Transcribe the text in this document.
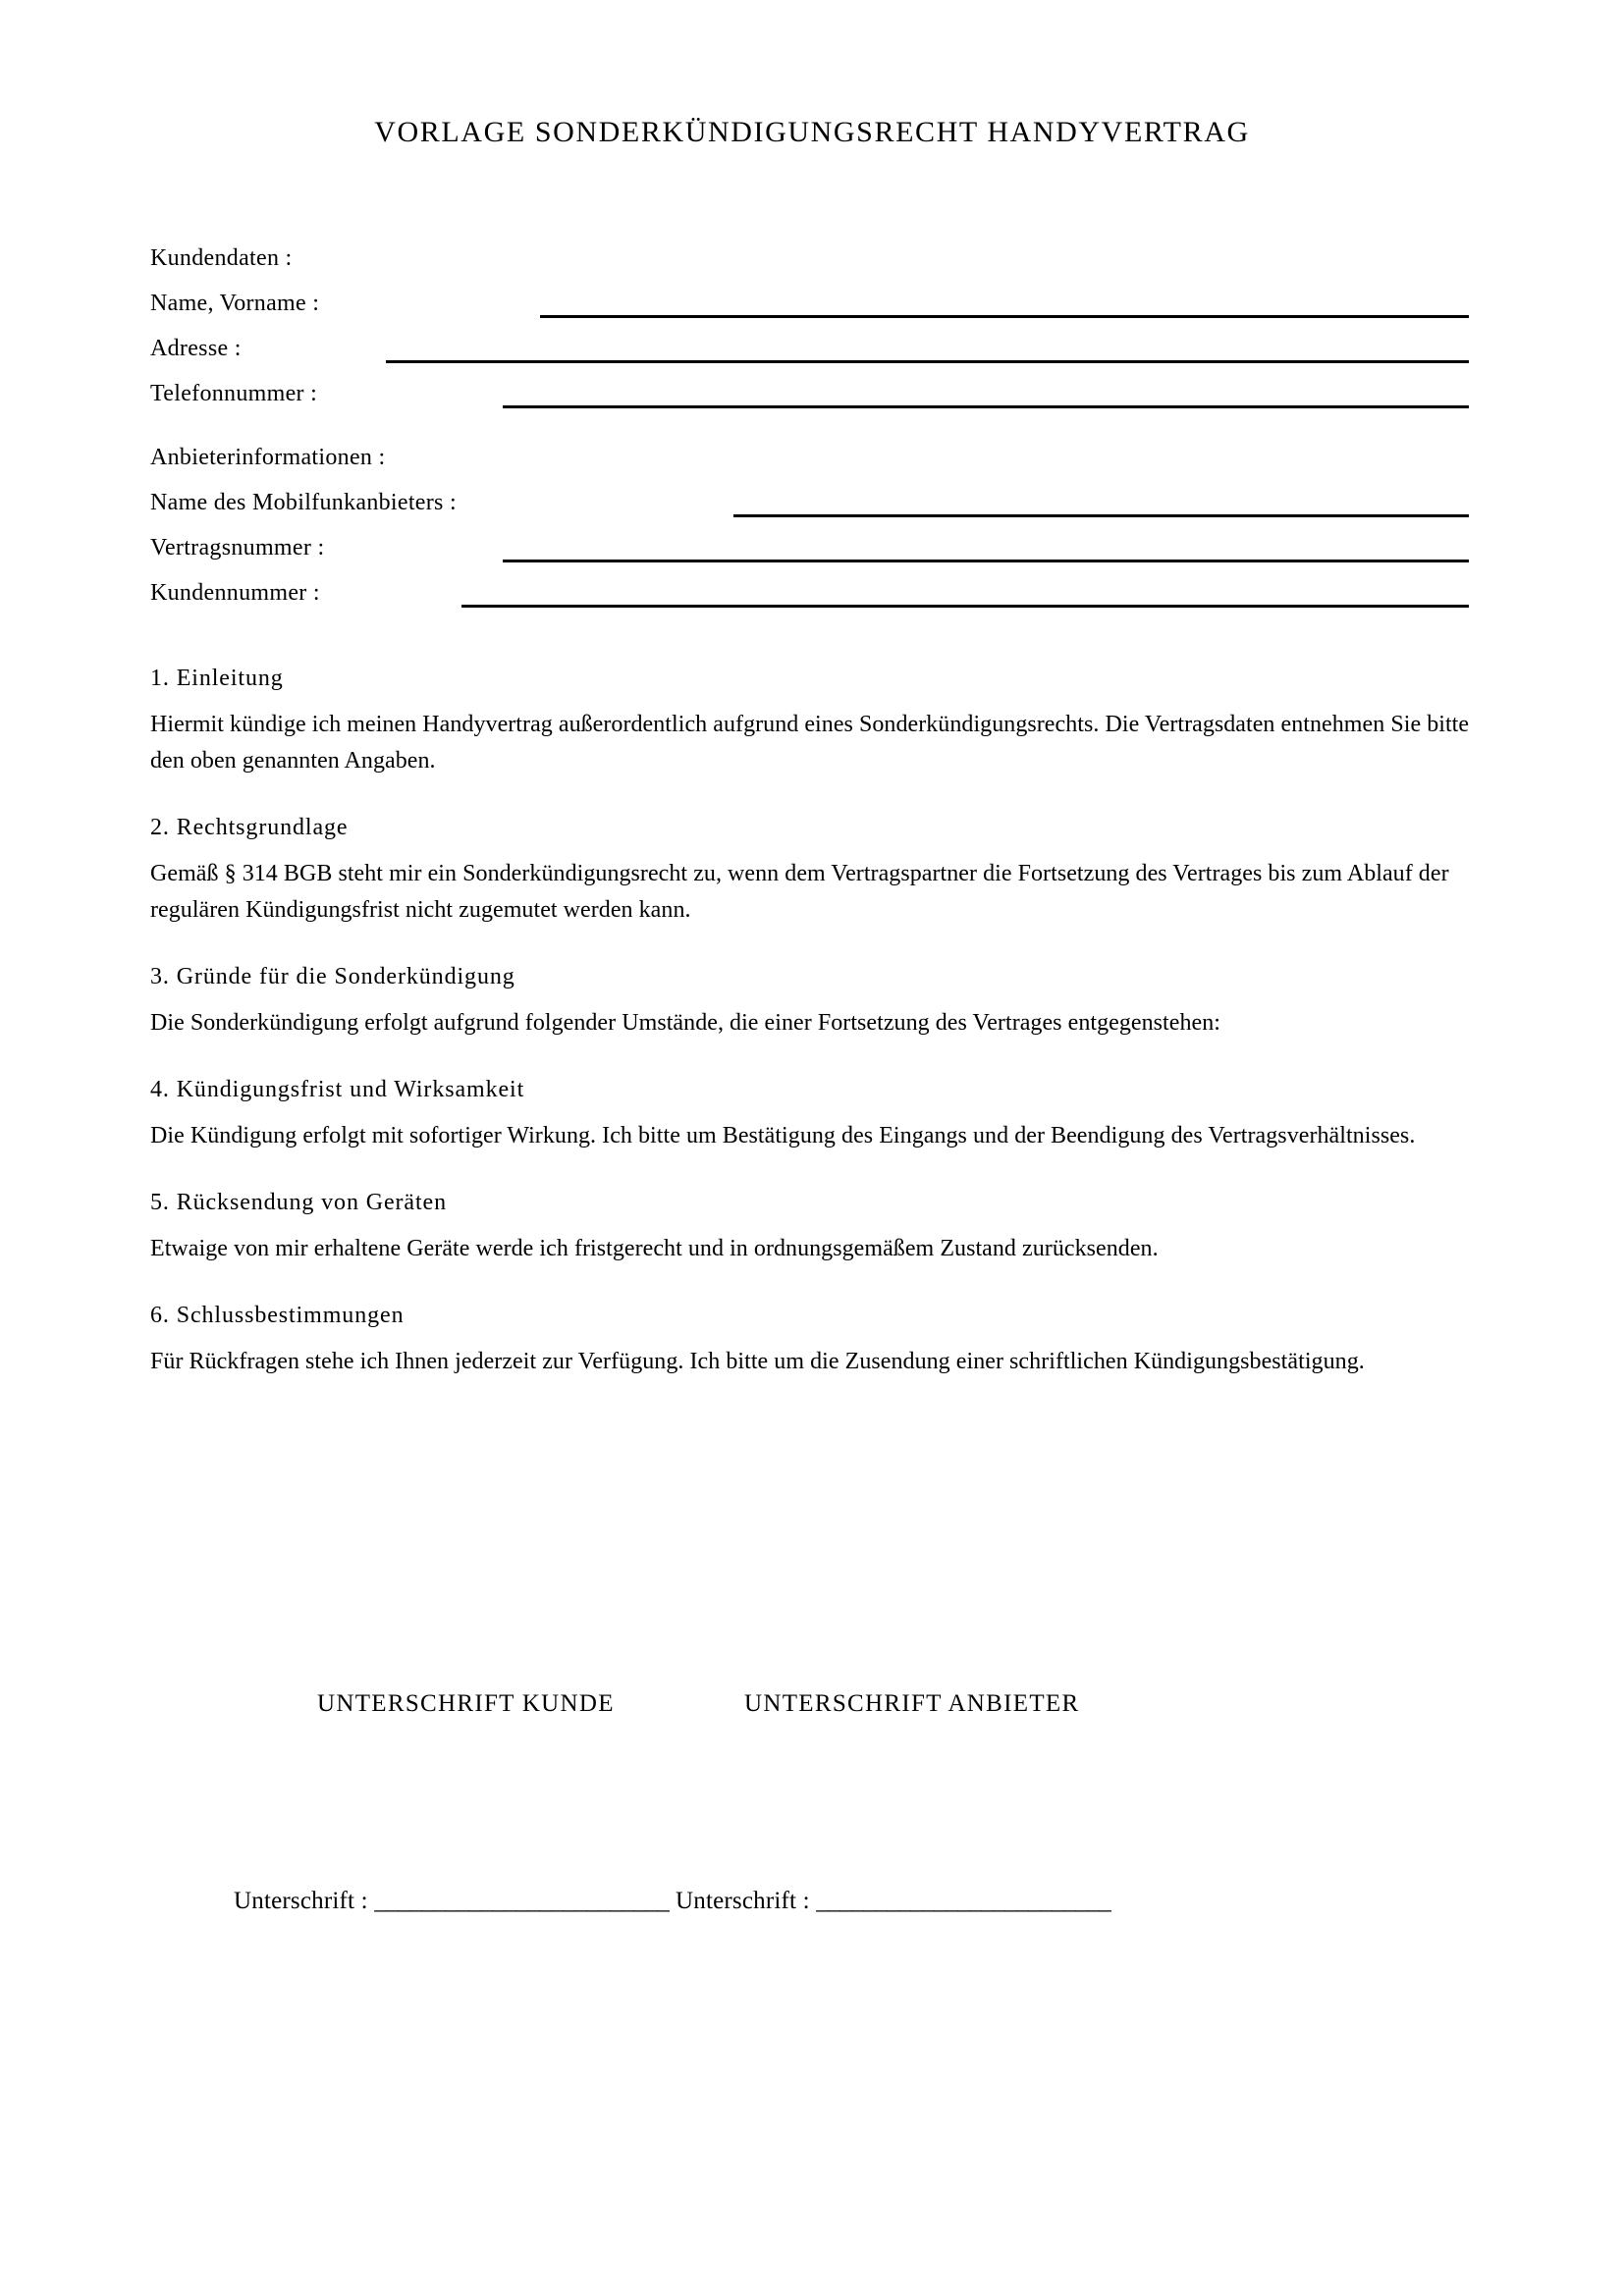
VORLAGE SONDERKÜNDIGUNGSRECHT HANDYVERTRAG
Kundendaten :
Name, Vorname :
Adresse :
Telefonnummer :
Anbieterinformationen :
Name des Mobilfunkanbieters :
Vertragsnummer :
Kundennummer :

1. Einleitung

Hiermit kündige ich meinen Handyvertrag außerordentlich aufgrund eines Sonderkündigungsrechts. Die Vertragsdaten entnehmen Sie bitte den oben genannten Angaben.

2. Rechtsgrundlage

Gemäß § 314 BGB steht mir ein Sonderkündigungsrecht zu, wenn dem Vertragspartner die Fortsetzung des Vertrages bis zum Ablauf der regulären Kündigungsfrist nicht zugemutet werden kann.

3. Gründe für die Sonderkündigung

Die Sonderkündigung erfolgt aufgrund folgender Umstände, die einer Fortsetzung des Vertrages entgegenstehen:

4. Kündigungsfrist und Wirksamkeit

Die Kündigung erfolgt mit sofortiger Wirkung. Ich bitte um Bestätigung des Eingangs und der Beendigung des Vertragsverhältnisses.

5. Rücksendung von Geräten

Etwaige von mir erhaltene Geräte werde ich fristgerecht und in ordnungsgemäßem Zustand zurücksenden.

6. Schlussbestimmungen

Für Rückfragen stehe ich Ihnen jederzeit zur Verfügung. Ich bitte um die Zusendung einer schriftlichen Kündigungsbestätigung.

UNTERSCHRIFT KUNDE	UNTERSCHRIFT ANBIETER
Unterschrift : _________________________ Unterschrift : _________________________
